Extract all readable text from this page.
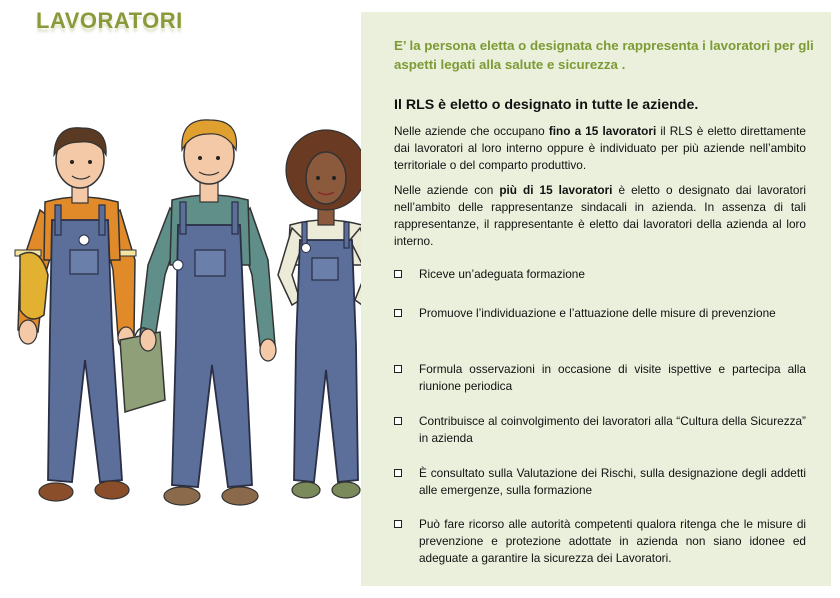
LAVORATORI
E’ la persona eletta o designata che rappresenta i lavoratori per gli aspetti legati alla salute e sicurezza .
Il RLS è eletto o designato in tutte le aziende.
Nelle aziende che occupano fino a 15 lavoratori il RLS è eletto direttamente dai lavoratori al loro interno oppure è individuato per più aziende nell’ambito territoriale o del comparto produttivo.
Nelle aziende con più di 15 lavoratori è eletto o designato dai lavoratori nell’ambito delle rappresentanze sindacali in azienda. In assenza di tali rappresentanze, il rappresentante è eletto dai lavoratori della azienda al loro interno.
Riceve un’adeguata formazione
Promuove l’individuazione e l’attuazione delle misure di prevenzione
Formula osservazioni in occasione di visite ispettive e partecipa alla riunione periodica
Contribuisce al coinvolgimento dei lavoratori alla “Cultura della Sicurezza” in azienda
È consultato sulla Valutazione dei Rischi, sulla designazione degli addetti alle emergenze, sulla formazione
Può fare ricorso alle autorità competenti qualora ritenga che le misure di prevenzione e protezione adottate in azienda non siano idonee ed adeguate a garantire la sicurezza dei Lavoratori.
